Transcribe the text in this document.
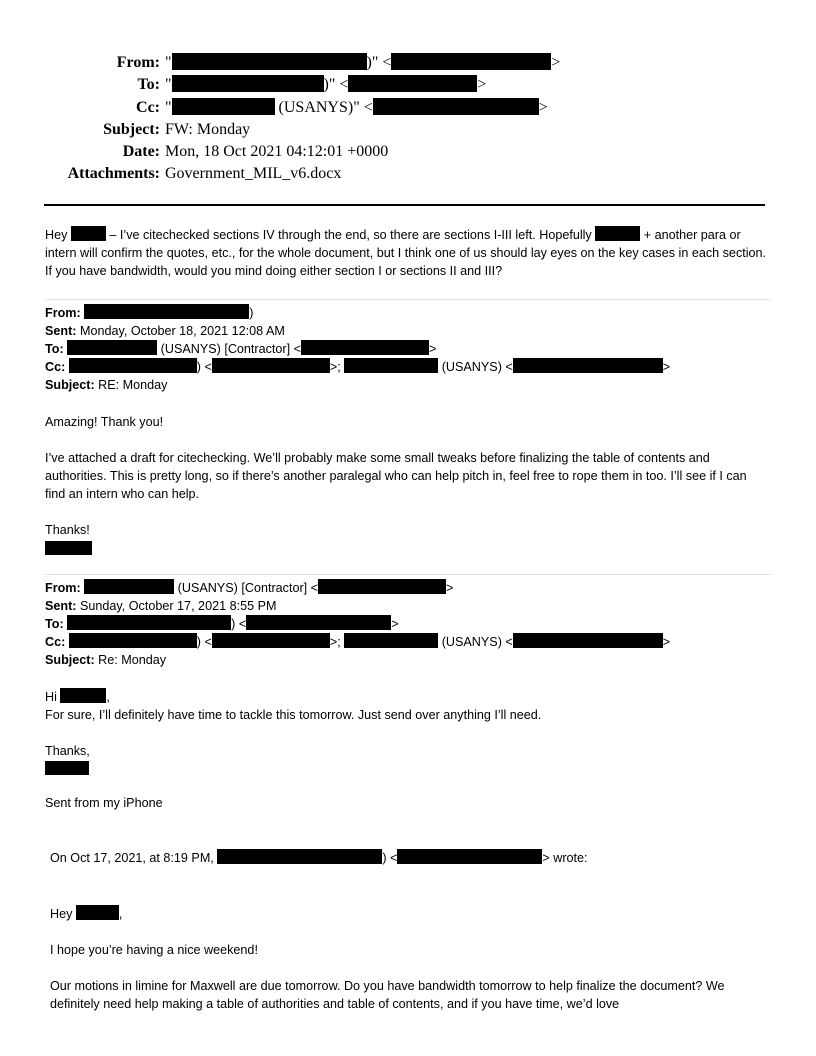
From: "	)" <	>
To: "	)" <	>
Cc: "	(USANYS)" <	>
Subject: FW: Monday
Date: Mon, 18 Oct 2021 04:12:01 +0000
Attachments: Government_MIL_v6.docx

Hey	– I’ve citechecked sections IV through the end, so there are sections I-III left. Hopefully	+ another para or intern will confirm the quotes, etc., for the whole document, but I think one of us should lay eyes on the key cases in each section. If you have bandwidth, would you mind doing either section I or sections II and III?

From:	)
Sent: Monday, October 18, 2021 12:08 AM
To:	(USANYS) [Contractor] <	>
Cc:	) <	>;	(USANYS) <	>
Subject: RE: Monday

Amazing! Thank you!

I’ve attached a draft for citechecking. We’ll probably make some small tweaks before finalizing the table of contents and authorities. This is pretty long, so if there’s another paralegal who can help pitch in, feel free to rope them in too. I’ll see if I can find an intern who can help.

Thanks!

From:	(USANYS) [Contractor] <	>
Sent: Sunday, October 17, 2021 8:55 PM
To:	) <	>
Cc:	) <	>;	(USANYS) <	>
Subject: Re: Monday

Hi	,

For sure, I’ll definitely have time to tackle this tomorrow. Just send over anything I’ll need.

Thanks,

Sent from my iPhone

On Oct 17, 2021, at 8:19 PM,	) <	> wrote:

Hey	,

I hope you’re having a nice weekend!

Our motions in limine for Maxwell are due tomorrow. Do you have bandwidth tomorrow to help finalize the document? We definitely need help making a table of authorities and table of contents, and if you have time, we’d love
